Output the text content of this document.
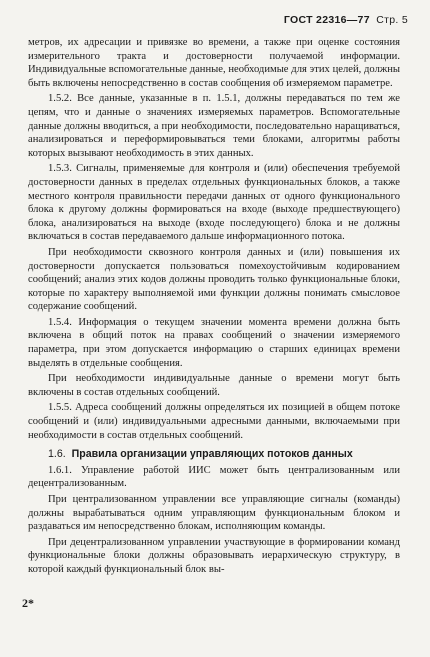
ГОСТ 22316—77 Стр. 5

метров, их адресации и привязке во времени, а также при оценке состояния измерительного тракта и достоверности получаемой информации. Индивидуальные вспомогательные данные, необходимые для этих целей, должны быть включены непосредственно в состав сообщения об измеряемом параметре.

1.5.2. Все данные, указанные в п. 1.5.1, должны передаваться по тем же цепям, что и данные о значениях измеряемых параметров. Вспомогательные данные должны вводиться, а при необходимости, последовательно наращиваться, анализироваться и переформировываться теми блоками, алгоритмы работы которых вызывают необходимость в этих данных.

1.5.3. Сигналы, применяемые для контроля и (или) обеспечения требуемой достоверности данных в пределах отдельных функциональных блоков, а также местного контроля правильности передачи данных от одного функционального блока к другому должны формироваться на входе (выходе предшествующего) блока, анализироваться на выходе (входе последующего) блока и не должны включаться в состав передаваемого дальше информационного потока.

При необходимости сквозного контроля данных и (или) повышения их достоверности допускается пользоваться помехоустойчивым кодированием сообщений; анализ этих кодов должны проводить только функциональные блоки, которые по характеру выполняемой ими функции должны понимать смысловое содержание сообщений.

1.5.4. Информация о текущем значении момента времени должна быть включена в общий поток на правах сообщений о значении измеряемого параметра, при этом допускается информацию о старших единицах времени выделять в отдельные сообщения.

При необходимости индивидуальные данные о времени могут быть включены в состав отдельных сообщений.

1.5.5. Адреса сообщений должны определяться их позицией в общем потоке сообщений и (или) индивидуальными адресными данными, включаемыми при необходимости в состав отдельных сообщений.

1.6. Правила организации управляющих потоков данных

1.6.1. Управление работой ИИС может быть централизованным или децентрализованным.

При централизованном управлении все управляющие сигналы (команды) должны вырабатываться одним управляющим функциональным блоком и раздаваться им непосредственно блокам, исполняющим команды.

При децентрализованном управлении участвующие в формировании команд функциональные блоки должны образовывать иерархическую структуру, в которой каждый функциональный блок вы-

2*
